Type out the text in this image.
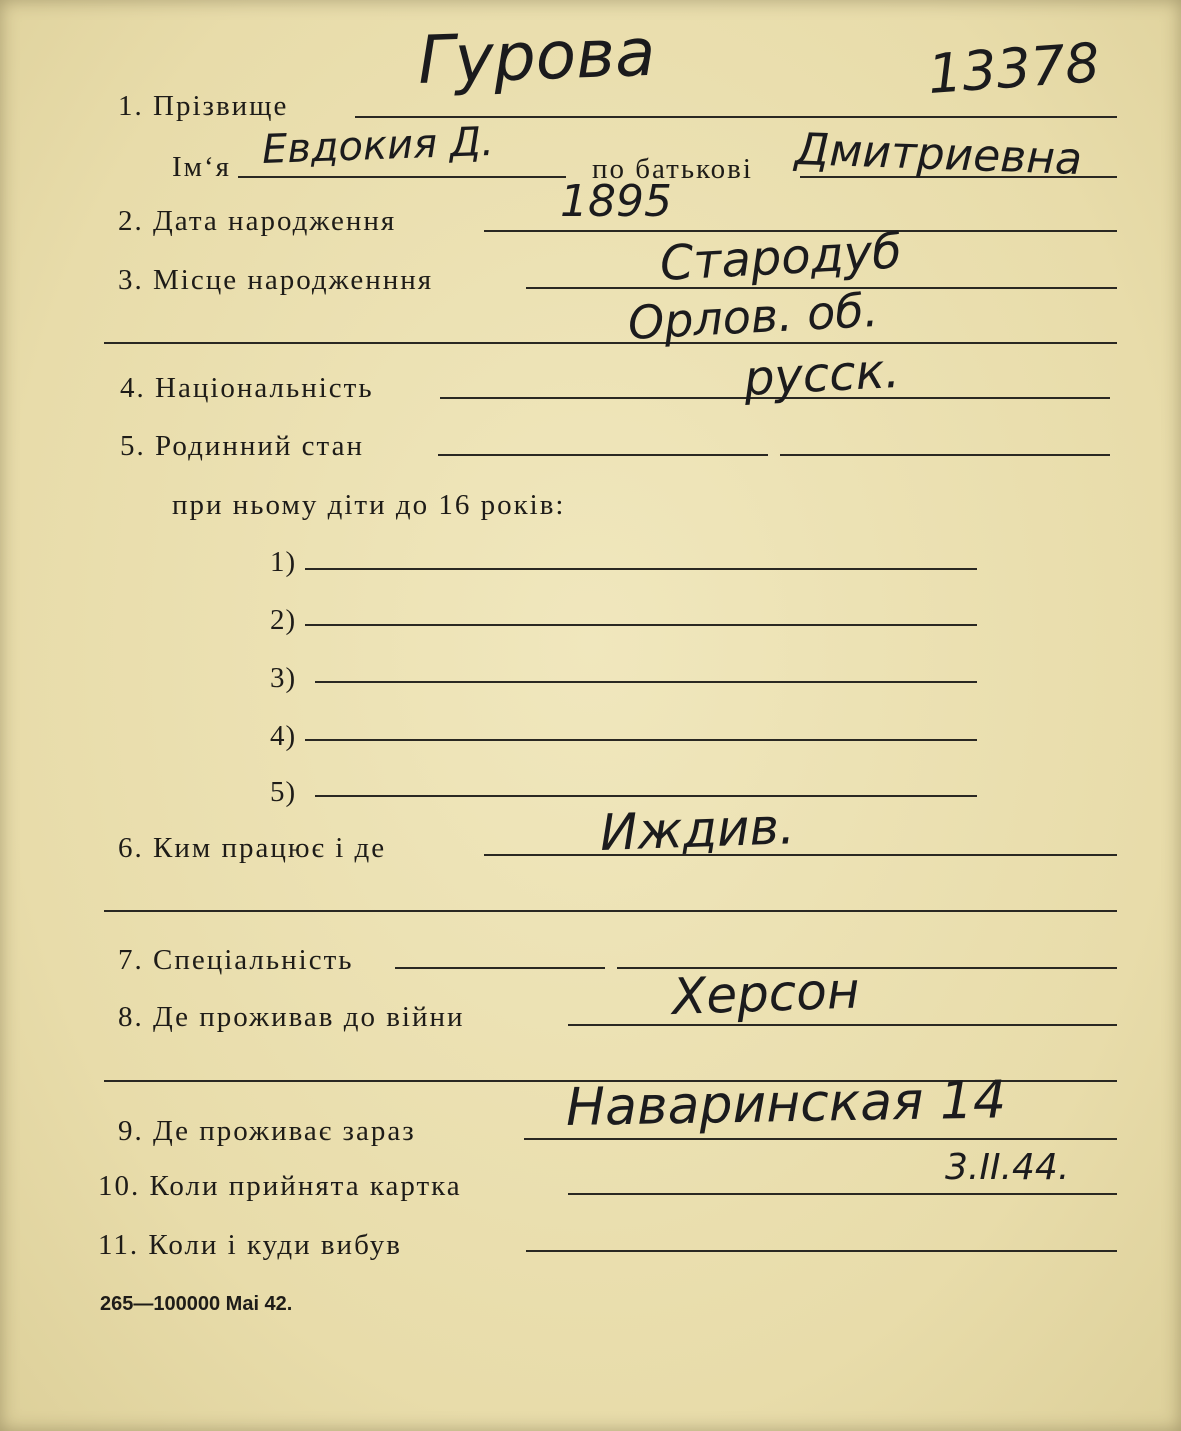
1. Прізвище
Гурова	13378
Ім‘я Евдокия Д.	по батькові Дмитриевна
2. Дата народження	1895
3. Місце народженння	Стародуб
Орлов. об.
4. Національність	русск.
5. Родинний стан
при ньому діти до 16 років:
1)
2)
3)
4)
5)
6. Ким працює і де	Иждив.
7. Спеціальність
8. Де проживав до війни	Херсон
9. Де проживає зараз	Наваринская 14
10. Коли прийнята картка	3.II.44.
11. Коли і куди вибув
265—100000 Mai 42.
